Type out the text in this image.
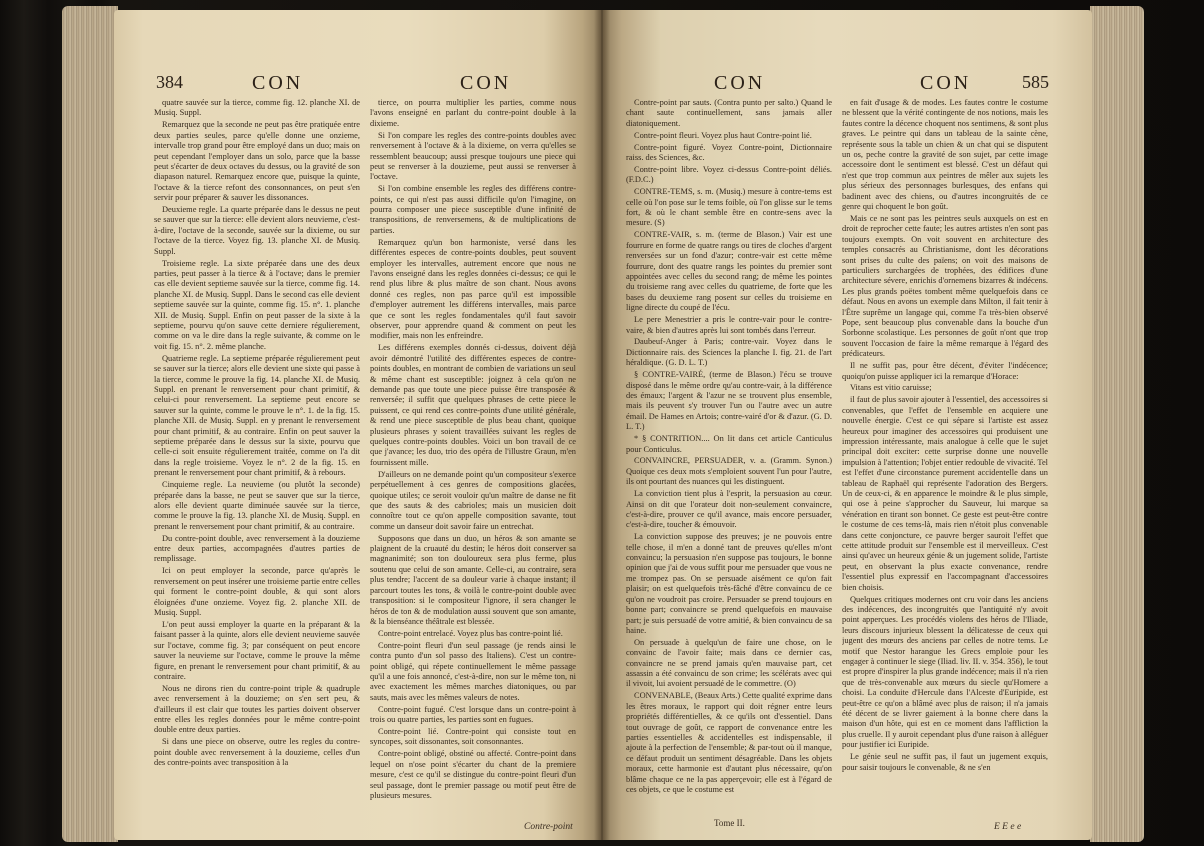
384	CON	CON

quatre sauvée sur la tierce, comme fig. 12. planche XI. de Musiq. Suppl.

Remarquez que la seconde ne peut pas être pratiquée entre deux parties seules, parce qu'elle donne une onzieme, intervalle trop grand pour être employé dans un duo; mais on peut cependant l'employer dans un solo, parce que la basse peut s'écarter de deux octaves du dessus, ou la gravité de son diapason naturel. Remarquez encore que, puisque la quinte, l'octave & la tierce refont des consonnances, on peut s'en servir pour préparer & sauver les dissonances.

Deuxieme regle. La quarte préparée dans le dessus ne peut se sauver que sur la tierce: elle devient alors neuvieme, c'est-à-dire, l'octave de la seconde, sauvée sur la dixieme, ou sur l'octave de la tierce. Voyez fig. 13. planche XI. de Musiq. Suppl.

Troisieme regle. La sixte préparée dans une des deux parties, peut passer à la tierce & à l'octave; dans le premier cas elle devient septieme sauvée sur la tierce, comme fig. 14. planche XI. de Musiq. Suppl. Dans le second cas elle devient septieme sauvée sur la quinte, comme fig. 15. n°. 1. planche XII. de Musiq. Suppl. Enfin on peut passer de la sixte à la septieme, pourvu qu'on sauve cette derniere régulierement, comme on va le dire dans la regle suivante, & comme on le voit fig. 15. n°. 2. même planche.

Quatrieme regle. La septieme préparée régulierement peut se sauver sur la tierce; alors elle devient une sixte qui passe à la tierce, comme le prouve la fig. 14. planche XI. de Musiq. Suppl. en prenant le renversement pour chant primitif, & celui-ci pour renversement. La septieme peut encore se sauver sur la quinte, comme le prouve le n°. 1. de la fig. 15. planche XII. de Musiq. Suppl. en y prenant le renversement pour chant primitif, & au contraire. Enfin on peut sauver la septieme préparée dans le dessus sur la sixte, pourvu que celle-ci soit ensuite régulierement traitée, comme on l'a dit dans la regle troisieme. Voyez le n°. 2 de la fig. 15. en prenant le renversement pour chant primitif, & à rebours.

Cinquieme regle. La neuvieme (ou plutôt la seconde) préparée dans la basse, ne peut se sauver que sur la tierce, alors elle devient quarte diminuée sauvée sur la tierce, comme le prouve la fig. 13. planche XI. de Musiq. Suppl. en prenant le renversement pour chant primitif, & au contraire.

Du contre-point double, avec renversement à la douzieme entre deux parties, accompagnées d'autres parties de remplissage.

Ici on peut employer la seconde, parce qu'après le renversement on peut insérer une troisieme partie entre celles qui forment le contre-point double, & qui sont alors éloignées d'une onzieme. Voyez fig. 2. planche XII. de Musiq. Suppl.

L'on peut aussi employer la quarte en la préparant & la faisant passer à la quinte, alors elle devient neuvieme sauvée sur l'octave, comme fig. 3; par conséquent on peut encore sauver la neuvieme sur l'octave, comme le prouve la même figure, en prenant le renversement pour chant primitif, & au contraire.

Nous ne dirons rien du contre-point triple & quadruple avec renversement à la douzieme; on s'en sert peu, & d'ailleurs il est clair que toutes les parties doivent observer entre elles les regles données pour le même contre-point double entre deux parties.

Si dans une piece on observe, outre les regles du contre-point double avec renversement à la douzieme, celles d'un des contre-points avec transposition à la

tierce, on pourra multiplier les parties, comme nous l'avons enseigné en parlant du contre-point double à la dixieme.

Si l'on compare les regles des contre-points doubles avec renversement à l'octave & à la dixieme, on verra qu'elles se ressemblent beaucoup; aussi presque toujours une piece qui peut se renverser à la douzieme, peut aussi se renverser à l'octave.

Si l'on combine ensemble les regles des différens contre-points, ce qui n'est pas aussi difficile qu'on l'imagine, on pourra composer une piece susceptible d'une infinité de transpositions, de renversemens, & de multiplications de parties.

Remarquez qu'un bon harmoniste, versé dans les différentes especes de contre-points doubles, peut souvent employer les intervalles, autrement encore que nous ne l'avons enseigné dans les regles données ci-dessus; ce qui le rend plus libre & plus maître de son chant. Nous avons donné ces regles, non pas parce qu'il est impossible d'employer autrement les différens intervalles, mais parce que ce sont les regles fondamentales qu'il faut savoir observer, pour apprendre quand & comment on peut les modifier, mais non les enfreindre.

Les différens exemples donnés ci-dessus, doivent déjà avoir démontré l'utilité des différentes especes de contre-points doubles, en montrant de combien de variations un seul & même chant est susceptible: joignez à cela qu'on ne demande pas que toute une piece puisse être transposée & renversée; il suffit que quelques phrases de cette piece le puissent, ce qui rend ces contre-points d'une utilité générale, & rend une piece susceptible de plus beau chant, quoique plusieurs phrases y soient travaillées suivant les regles de quelques contre-points doubles. Voici un bon travail de ce que j'avance; les duo, trio des opéra de l'illustre Graun, m'en fournissent mille.

D'ailleurs on ne demande point qu'un compositeur s'exerce perpétuellement à ces genres de compositions glacées, quoique utiles; ce seroit vouloir qu'un maître de danse ne fit que des sauts & des cabrioles; mais un musicien doit connoître tout ce qu'on appelle composition savante, tout comme un danseur doit savoir faire un entrechat.

Supposons que dans un duo, un héros & son amante se plaignent de la cruauté du destin; le héros doit conserver sa magnanimité; son ton douloureux sera plus ferme, plus soutenu que celui de son amante. Celle-ci, au contraire, sera plus tendre; l'accent de sa douleur varie à chaque instant; il parcourt toutes les tons, & voilà le contre-point double avec transposition: si le compositeur l'ignore, il sera changer le héros de ton & de modulation aussi souvent que son amante, & la bienséance théâtrale est blessée.

Contre-point entrelacé. Voyez plus bas contre-point lié.

Contre-point fleuri d'un seul passage (je rends ainsi le contra punto d'un sol passo des Italiens). C'est un contre-point obligé, qui répete continuellement le même passage qu'il a une fois annoncé, c'est-à-dire, non sur le même ton, ni avec exactement les mêmes marches diatoniques, ou par sauts, mais avec les mêmes valeurs de notes.

Contre-point fugué. C'est lorsque dans un contre-point à trois ou quatre parties, les parties sont en fugues.

Contre-point lié. Contre-point qui consiste tout en syncopes, soit dissonantes, soit consonnantes.

Contre-point obligé, obstiné ou affecté. Contre-point dans lequel on n'ose point s'écarter du chant de la premiere mesure, c'est ce qu'il se distingue du contre-point fleuri d'un seul passage, dont le premier passage ou motif peut être de plusieurs mesures.

Contre-point
CON	CON	585

Contre-point par sauts. (Contra punto per salto.) Quand le chant saute continuellement, sans jamais aller diatoniquement.

Contre-point fleuri. Voyez plus haut Contre-point lié.

Contre-point figuré. Voyez Contre-point, Dictionnaire raiss. des Sciences, &c.

Contre-point libre. Voyez ci-dessus Contre-point déliés. (F.D.C.)

CONTRE-TEMS, s. m. (Musiq.) mesure à contre-tems est celle où l'on pose sur le tems foible, où l'on glisse sur le tems fort, & où le chant semble être en contre-sens avec la mesure. (S)

CONTRE-VAIR, s. m. (terme de Blason.) Vair est une fourrure en forme de quatre rangs ou tires de cloches d'argent renversées sur un fond d'azur; contre-vair est cette même fourrure, dont des quatre rangs les pointes du premier sont appointées avec celles du second rang; de même les pointes du troisieme rang avec celles du quatrieme, de forte que les bases du deuxieme rang posent sur celles du troisieme en ligne directe du coupé de l'écu.

Le pere Menestrier a pris le contre-vair pour le contre-vaire, & bien d'autres après lui sont tombés dans l'erreur.

Daubeuf-Anger à Paris; contre-vair. Voyez dans le Dictionnaire rais. des Sciences la planche I. fig. 21. de l'art héraldique. (G. D. L. T.)

§ CONTRE-VAIRÉ, (terme de Blason.) l'écu se trouve disposé dans le même ordre qu'au contre-vair, à la différence des émaux; l'argent & l'azur ne se trouvent plus ensemble, mais ils peuvent s'y trouver l'un ou l'autre avec un autre émail. De Hames en Artois; contre-vairé d'or & d'azur. (G. D. L. T.)

* § CONTRITION.... On lit dans cet article Canticulus pour Conticulus.

CONVAINCRE, PERSUADER, v. a. (Gramm. Synon.) Quoique ces deux mots s'emploient souvent l'un pour l'autre, ils ont pourtant des nuances qui les distinguent.

La conviction tient plus à l'esprit, la persuasion au cœur. Ainsi on dit que l'orateur doit non-seulement convaincre, c'est-à-dire, prouver ce qu'il avance, mais encore persuader, c'est-à-dire, toucher & émouvoir.

La conviction suppose des preuves; je ne pouvois entre telle chose, il m'en a donné tant de preuves qu'elles m'ont convaincu; la persuasion n'en suppose pas toujours, le bonne opinion que j'ai de vous suffit pour me persuader que vous ne me trompez pas. On se persuade aisément ce qu'on fait plaisir; on est quelquefois très-fâché d'être convaincu de ce qu'on ne voudroit pas croire. Persuader se prend toujours en bonne part; convaincre se prend quelquefois en mauvaise part; je suis persuadé de votre amitié, & bien convaincu de sa haine.

On persuade à quelqu'un de faire une chose, on le convainc de l'avoir faite; mais dans ce dernier cas, convaincre ne se prend jamais qu'en mauvaise part, cet assassin a été convaincu de son crime; les scélérats avec qui il vivoit, lui avoient persuadé de le commettre. (O)

CONVENABLE, (Beaux Arts.) Cette qualité exprime dans les êtres moraux, le rapport qui doit régner entre leurs propriétés différentielles, & ce qu'ils ont d'essentiel. Dans tout ouvrage de goût, ce rapport de convenance entre les parties essentielles & accidentelles est indispensable, il ajoute à la perfection de l'ensemble; & par-tout où il manque, ce défaut produit un sentiment désagréable. Dans les objets moraux, cette harmonie est d'autant plus nécessaire, qu'on blâme chaque ce ne la pas apperçevoir; elle est à l'égard de ces objets, ce que le costume est

en fait d'usage & de modes. Les fautes contre le costume ne blessent que la vérité contingente de nos notions, mais les fautes contre la décence choquent nos sentimens, & sont plus graves. Le peintre qui dans un tableau de la sainte cène, représente sous la table un chien & un chat qui se disputent un os, peche contre la gravité de son sujet, par cette image accessoire dont le sentiment est blessé. C'est un défaut qui n'est que trop commun aux peintres de mêler aux sujets les plus sérieux des personnages burlesques, des enfans qui badinent avec des chiens, ou d'autres incongruités de ce genre qui choquent le bon goût.

Mais ce ne sont pas les peintres seuls auxquels on est en droit de reprocher cette faute; les autres artistes n'en sont pas toujours exempts. On voit souvent en architecture des temples consacrés au Christianisme, dont les décorations sont prises du culte des païens; on voit des maisons de particuliers surchargées de trophées, des édifices d'une architecture sévere, enrichis d'ornemens bizarres & indécens. Les plus grands poëtes tombent même quelquefois dans ce défaut. Nous en avons un exemple dans Milton, il fait tenir à l'Être suprême un langage qui, comme l'a très-bien observé Pope, sent beaucoup plus convenable dans la bouche d'un Sorbonne scolastique. Les personnes de goût n'ont que trop souvent l'occasion de faire la même remarque à l'égard des prédicateurs.

Il ne suffit pas, pour être décent, d'éviter l'indécence; quoiqu'on puisse appliquer ici la remarque d'Horace:

Vitans est vitio caruisse;

il faut de plus savoir ajouter à l'essentiel, des accessoires si convenables, que l'effet de l'ensemble en acquiere une nouvelle énergie. C'est ce qui sépare si l'artiste est assez heureux pour imaginer des accessoires qui produisent une impression intéressante, mais analogue à celle que le sujet principal doit exciter: cette surprise donne une nouvelle impulsion à l'attention; l'objet entier redouble de vivacité. Tel est l'effet d'une circonstance purement accidentelle dans un tableau de Raphaël qui représente l'adoration des Bergers. Un de ceux-ci, & en apparence le moindre & le plus simple, qui ose à peine s'approcher du Sauveur, lui marque sa vénération en tirant son bonnet. Ce geste est peut-être contre le costume de ces tems-là, mais rien n'étoit plus convenable dans cette conjoncture, ce pauvre berger sauroit l'effet que cette attitude produit sur l'ensemble est il merveilleux. C'est ainsi qu'avec un heureux génie & un jugement solide, l'artiste peut, en observant la plus exacte convenance, rendre l'essentiel plus expressif en l'accompagnant d'accessoires bien choisis.

Quelques critiques modernes ont cru voir dans les anciens des indécences, des incongruités que l'antiquité n'y avoit point apperçues. Les procédés violens des héros de l'Iliade, leurs discours injurieux blessent la délicatesse de ceux qui jugent des mœurs des anciens par celles de notre tems. Le motif que Nestor harangue les Grecs emploie pour les engager à continuer le siege (Iliad. liv. II. v. 354. 356), le tout est propre d'inspirer la plus grande indécence; mais il n'a rien que de très-convenable aux mœurs du siecle qu'Homere a choisi. La conduite d'Hercule dans l'Alceste d'Euripide, est peut-être ce qu'on a blâmé avec plus de raison; il n'a jamais été décent de se livrer gaiement à la bonne chere dans la maison d'un hôte, qui est en ce moment dans l'affliction la plus cruelle. Il y auroit cependant plus d'une raison à alléguer pour justifier ici Euripide.

Le génie seul ne suffit pas, il faut un jugement exquis, pour saisir toujours le convenable, & ne s'en

Tome II.	E E e e
